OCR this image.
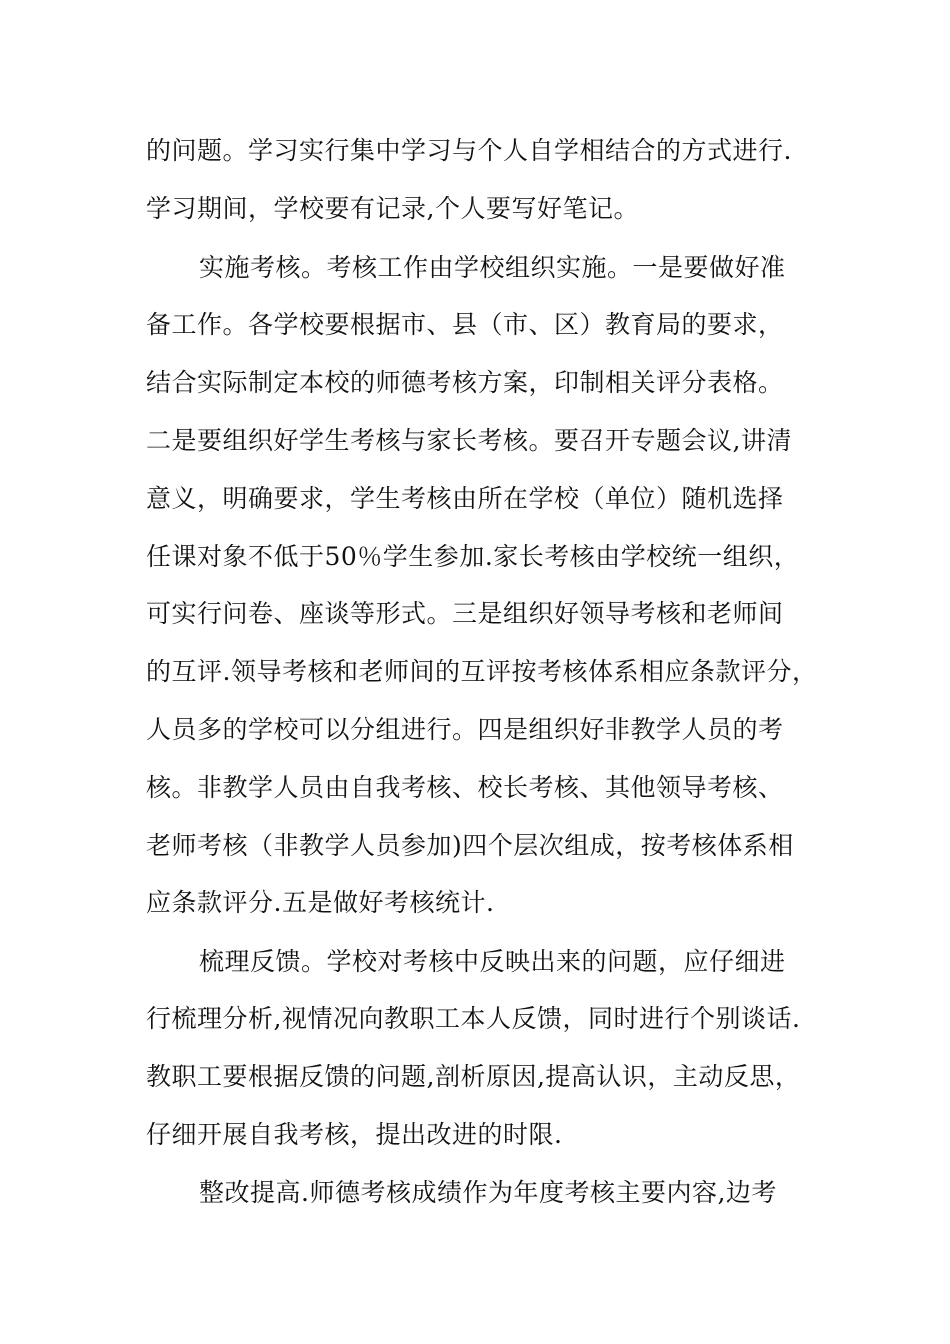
的问题。学习实行集中学习与个人自学相结合的方式进行.
学习期间，学校要有记录,个人要写好笔记。
实施考核。考核工作由学校组织实施。一是要做好准
备工作。各学校要根据市、县（市、区）教育局的要求，
结合实际制定本校的师德考核方案，印制相关评分表格。
二是要组织好学生考核与家长考核。要召开专题会议,讲清
意义，明确要求，学生考核由所在学校（单位）随机选择
任课对象不低于50％学生参加.家长考核由学校统一组织，
可实行问卷、座谈等形式。三是组织好领导考核和老师间
的互评.领导考核和老师间的互评按考核体系相应条款评分，
人员多的学校可以分组进行。四是组织好非教学人员的考
核。非教学人员由自我考核、校长考核、其他领导考核、
老师考核（非教学人员参加)四个层次组成，按考核体系相
应条款评分.五是做好考核统计.
梳理反馈。学校对考核中反映出来的问题，应仔细进
行梳理分析,视情况向教职工本人反馈，同时进行个别谈话.
教职工要根据反馈的问题,剖析原因,提高认识，主动反思，
仔细开展自我考核，提出改进的时限.
整改提高.师德考核成绩作为年度考核主要内容,边考
